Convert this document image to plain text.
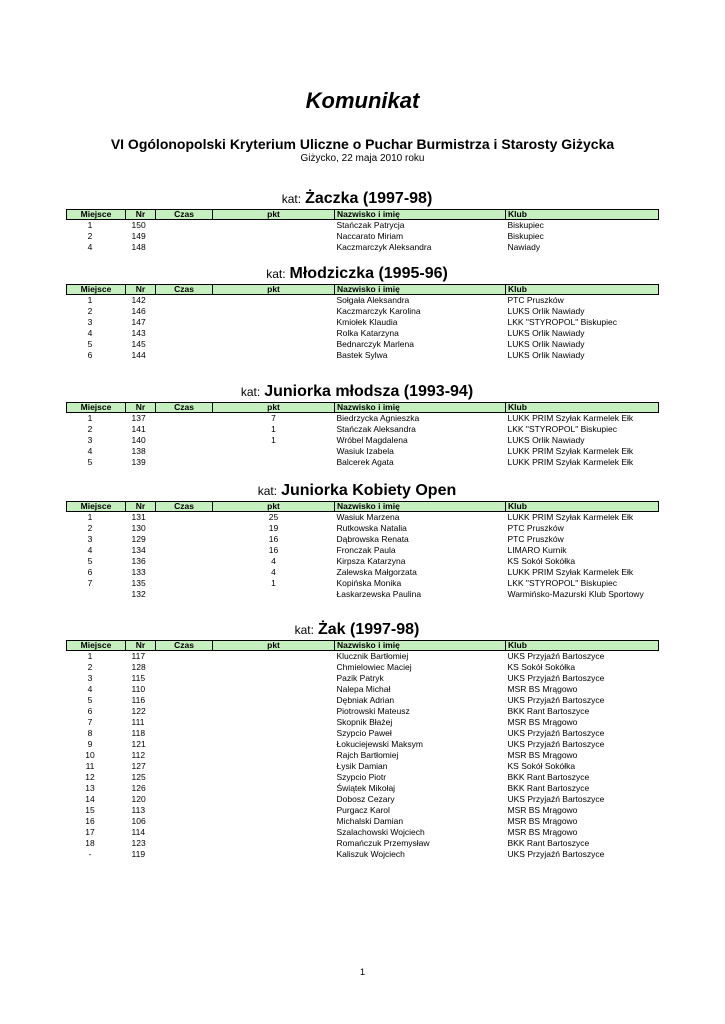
Komunikat
VI Ogólonopolski Kryterium Uliczne o Puchar Burmistrza i Starosty Giżycka
Giżycko, 22 maja 2010 roku
kat: Żaczka (1997-98)
Miejsce	Nr	Czas	pkt	Nazwisko i imię	Klub
1	150			Stańczak Patrycja	Biskupiec
2	149			Naccarato Miriam	Biskupiec
4	148			Kaczmarczyk Aleksandra	Nawiady
kat: Młodziczka (1995-96)
Miejsce	Nr	Czas	pkt	Nazwisko i imię	Klub
1	142			Sołgała Aleksandra	PTC Pruszków
2	146			Kaczmarczyk Karolina	LUKS Orlik Nawiady
3	147			Kmiołek Klaudia	LKK "STYROPOL" Biskupiec
4	143			Rolka Katarzyna	LUKS Orlik Nawiady
5	145			Bednarczyk Marlena	LUKS Orlik Nawiady
6	144			Bastek Sylwa	LUKS Orlik Nawiady
kat: Juniorka młodsza (1993-94)
Miejsce	Nr	Czas	pkt	Nazwisko i imię	Klub
1	137		7	Biedrzycka Agnieszka	LUKK PRIM Szyłak Karmelek Ełk
2	141		1	Stańczak Aleksandra	LKK "STYROPOL" Biskupiec
3	140		1	Wróbel Magdalena	LUKS Orlik Nawiady
4	138			Wasiuk Izabela	LUKK PRIM Szyłak Karmelek Ełk
5	139			Balcerek Agata	LUKK PRIM Szyłak Karmelek Ełk
kat: Juniorka Kobiety Open
Miejsce	Nr	Czas	pkt	Nazwisko i imię	Klub
1	131		25	Wasiuk Marzena	LUKK PRIM Szyłak Karmelek Ełk
2	130		19	Rutkowska Natalia	PTC Pruszków
3	129		16	Dąbrowska Renata	PTC Pruszków
4	134		16	Fronczak Paula	LIMARO Kurnik
5	136		4	Kirpsza Katarzyna	KS Sokół Sokółka
6	133		4	Zalewska Małgorzata	LUKK PRIM Szyłak Karmelek Ełk
7	135		1	Kopińska Monika	LKK "STYROPOL" Biskupiec
	132			Łaskarzewska Paulina	Warmińsko-Mazurski Klub Sportowy
kat: Żak (1997-98)
Miejsce	Nr	Czas	pkt	Nazwisko i imię	Klub
1	117			Klucznik Bartłomiej	UKS Przyjaźń Bartoszyce
2	128			Chmielowiec Maciej	KS Sokół Sokółka
3	115			Pazik Patryk	UKS Przyjaźń Bartoszyce
4	110			Nalepa Michał	MSR BS Mrągowo
5	116			Dębniak Adrian	UKS Przyjaźń Bartoszyce
6	122			Piotrowski Mateusz	BKK Rant Bartoszyce
7	111			Skopnik Błażej	MSR BS Mrągowo
8	118			Szypcio Paweł	UKS Przyjaźń Bartoszyce
9	121			Łokuciejewski Maksym	UKS Przyjaźń Bartoszyce
10	112			Rajch Bartłomiej	MSR BS Mrągowo
11	127			Łysik Damian	KS Sokół Sokółka
12	125			Szypcio Piotr	BKK Rant Bartoszyce
13	126			Świątek Mikołaj	BKK Rant Bartoszyce
14	120			Dobosz Cezary	UKS Przyjaźń Bartoszyce
15	113			Purgacz Karol	MSR BS Mrągowo
16	106			Michalski Damian	MSR BS Mrągowo
17	114			Szalachowski Wojciech	MSR BS Mrągowo
18	123			Romańczuk Przemysław	BKK Rant Bartoszyce
-	119			Kaliszuk Wojciech	UKS Przyjaźń Bartoszyce
1
